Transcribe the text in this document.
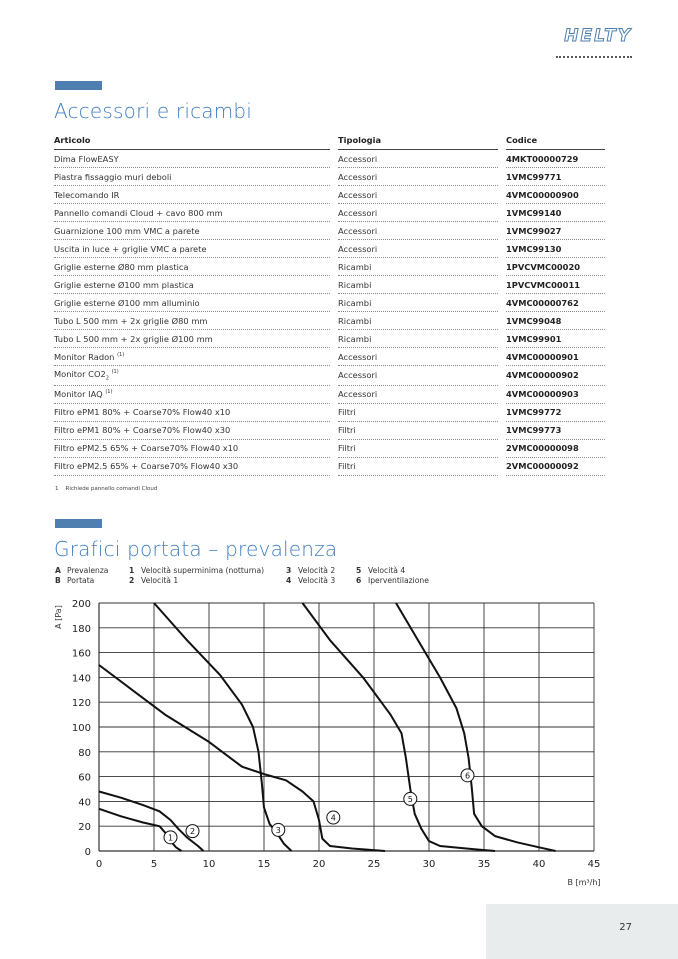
HELTY
Accessori e ricambi
Articolo		Tipologia		Codice
Dima FlowEASY		Accessori		4MKT00000729
Piastra fissaggio muri deboli		Accessori		1VMC99771
Telecomando IR		Accessori		4VMC00000900
Pannello comandi Cloud + cavo 800 mm		Accessori		1VMC99140
Guarnizione 100 mm VMC a parete		Accessori		1VMC99027
Uscita in luce + griglie VMC a parete		Accessori		1VMC99130
Griglie esterne Ø80 mm plastica		Ricambi		1PVCVMC00020
Griglie esterne Ø100 mm plastica		Ricambi		1PVCVMC00011
Griglie esterne Ø100 mm alluminio		Ricambi		4VMC00000762
Tubo L 500 mm + 2x griglie Ø80 mm		Ricambi		1VMC99048
Tubo L 500 mm + 2x griglie Ø100 mm		Ricambi		1VMC99901
Monitor Radon $^{(1)}$		Accessori		4VMC00000901
Monitor $CO2_2$ $^{(1)}$		Accessori		4VMC00000902
Monitor IAQ $^{(1)}$		Accessori		4VMC00000903
Filtro ePM1 80% + Coarse70% Flow40 x10		Filtri		1VMC99772
Filtro ePM1 80% + Coarse70% Flow40 x30		Filtri		1VMC99773
Filtro ePM2.5 65% + Coarse70% Flow40 x10		Filtri		2VMC00000098
Filtro ePM2.5 65% + Coarse70% Flow40 x30		Filtri		2VMC00000092
1 Richiede pannello comandi Cloud
Grafici portata – prevalenza
A Prevalenza
B Portata
1 Velocità superminima (notturna)
2 Velocità 1
3 Velocità 2
4 Velocità 3
5 Velocità 4
6 Iperventilazione
0	5	10	15	20	25	30	35	40	45
0
20
40
60
80
100
120
140
160
180
200
A [Pa]
B [m³/h]
1
2	3
4
5
6
27
